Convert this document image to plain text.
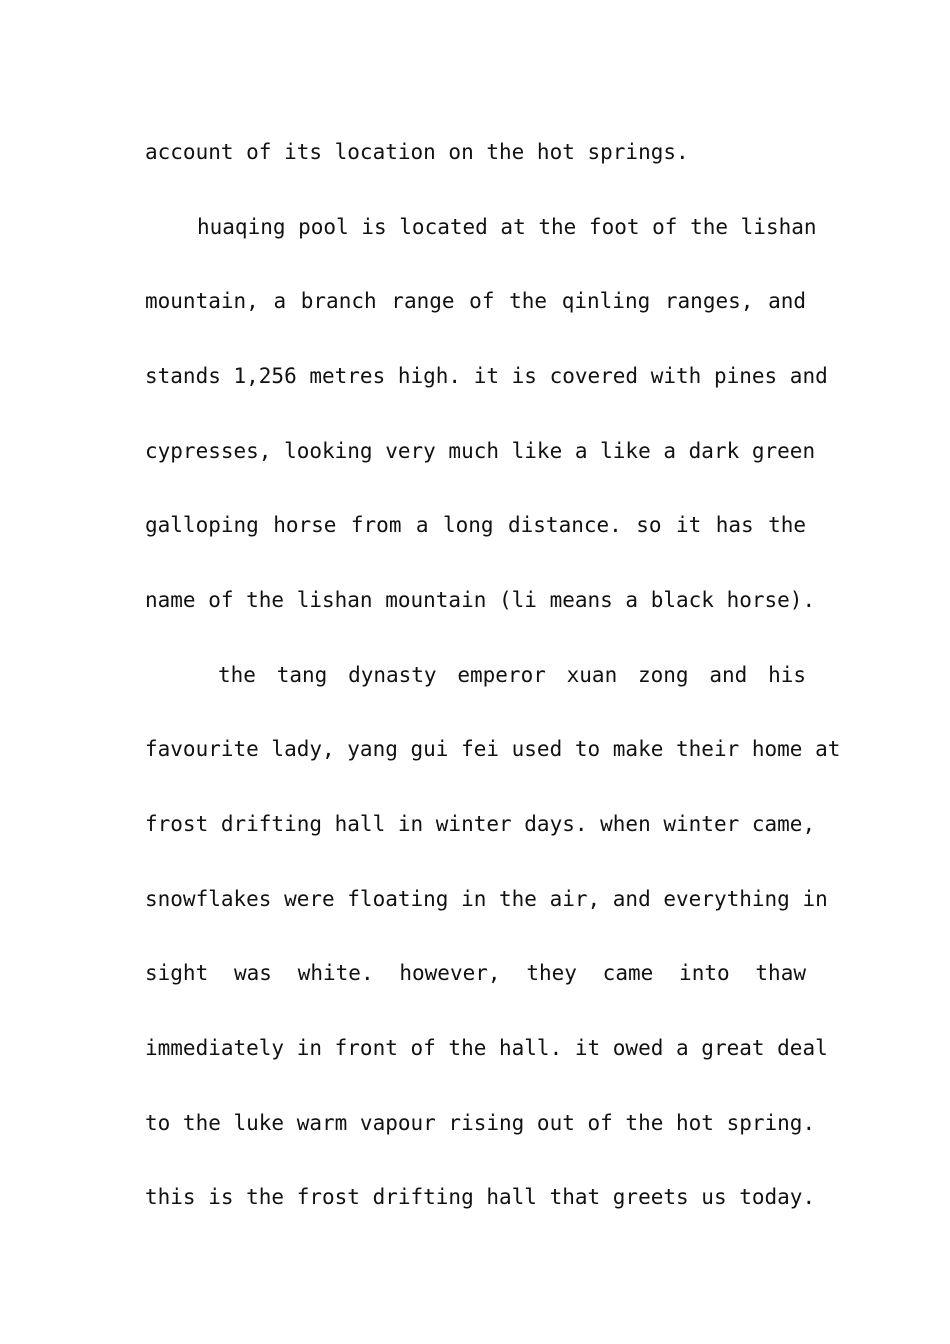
account of its location on the hot springs.
huaqing pool is located at the foot of the lishan
mountain, a branch range of the qinling ranges, and
stands 1,256 metres high. it is covered with pines and
cypresses, looking very much like a like a dark green
galloping horse from a long distance. so it has the
name of the lishan mountain (li means a black horse).
the tang dynasty emperor xuan zong and his
favourite lady, yang gui fei used to make their home at
frost drifting hall in winter days. when winter came,
snowflakes were floating in the air, and everything in
sight was white. however, they came into thaw
immediately in front of the hall. it owed a great deal
to the luke warm vapour rising out of the hot spring.
this is the frost drifting hall that greets us today.
